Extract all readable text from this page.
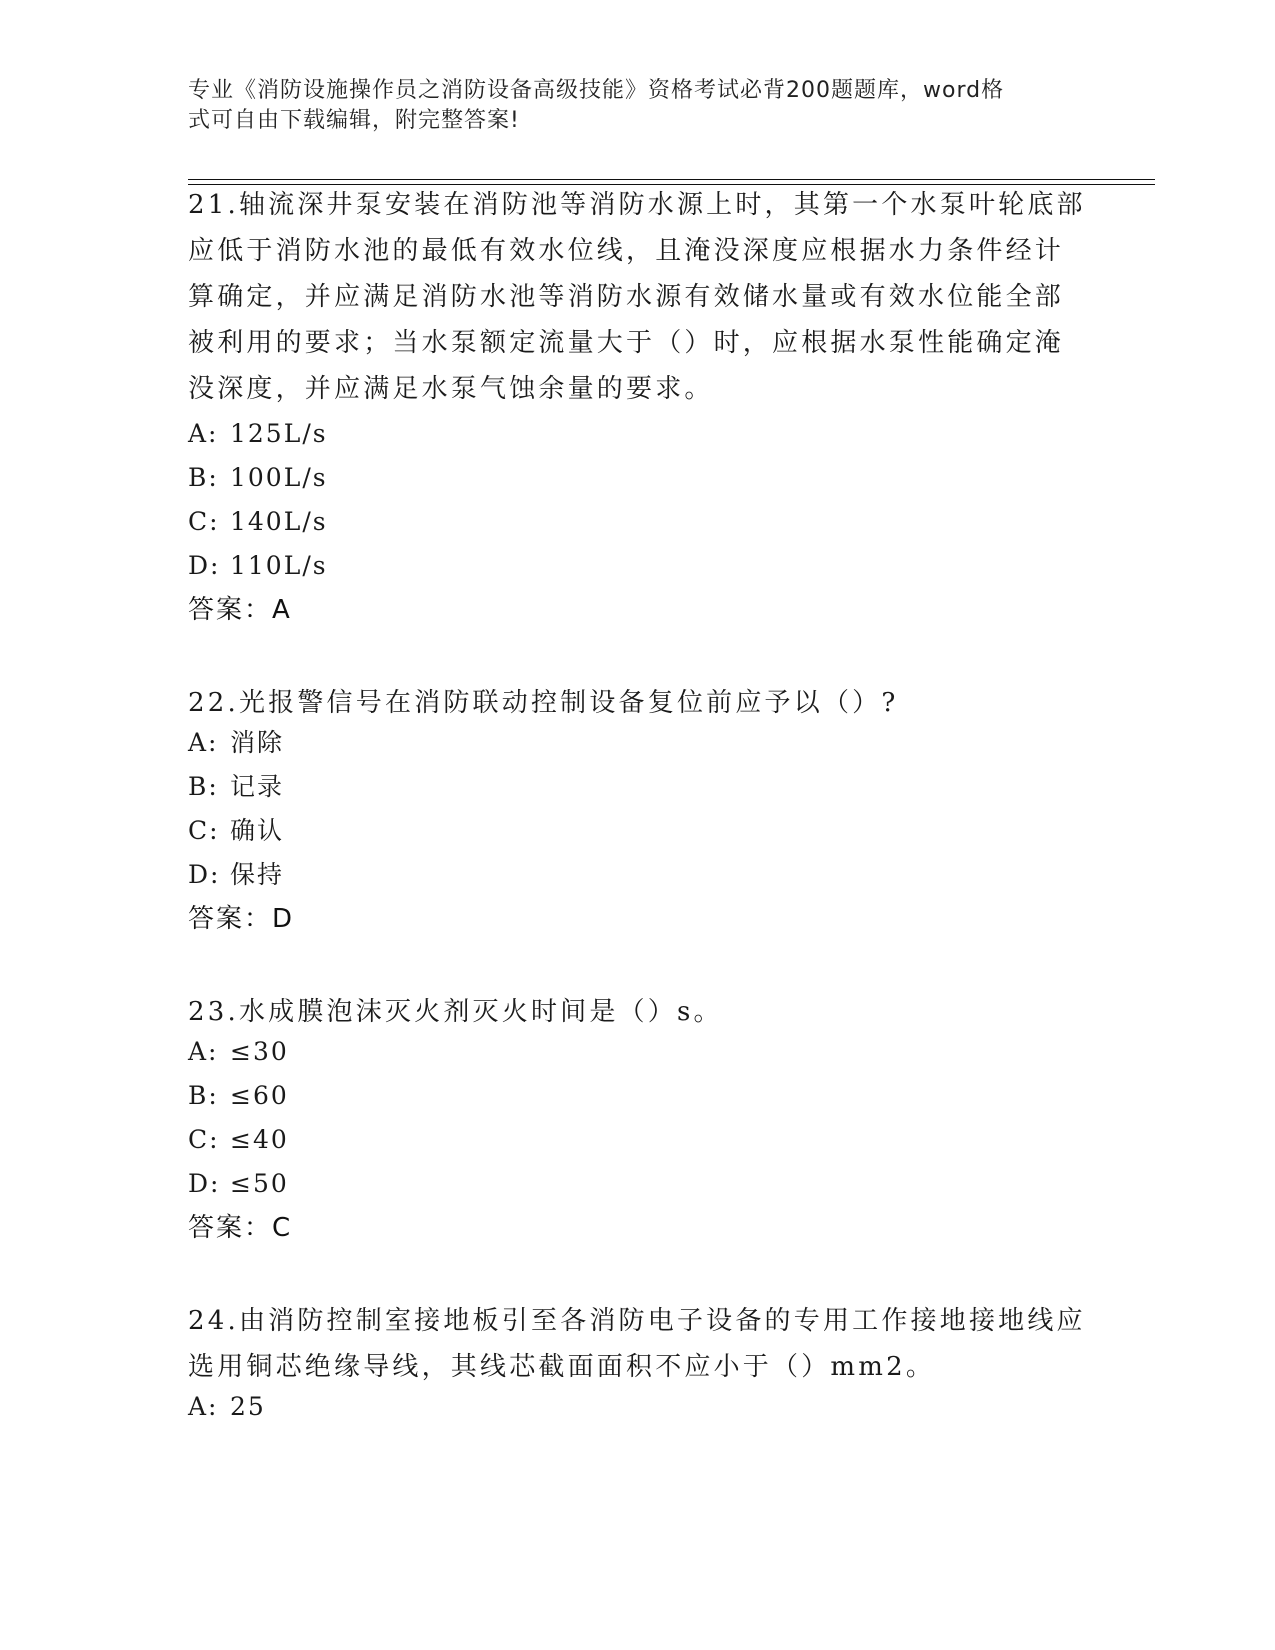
专业《消防设施操作员之消防设备高级技能》资格考试必背200题题库，word格
式可自由下载编辑，附完整答案!
21.轴流深井泵安装在消防池等消防水源上时，其第一个水泵叶轮底部
应低于消防水池的最低有效水位线，且淹没深度应根据水力条件经计
算确定，并应满足消防水池等消防水源有效储水量或有效水位能全部
被利用的要求；当水泵额定流量大于（）时，应根据水泵性能确定淹
没深度，并应满足水泵气蚀余量的要求。
A: 125L/s
B: 100L/s
C: 140L/s
D: 110L/s
答案：A
22.光报警信号在消防联动控制设备复位前应予以（）?
A: 消除
B: 记录
C: 确认
D: 保持
答案：D
23.水成膜泡沫灭火剂灭火时间是（）s。
A: ≤30
B: ≤60
C: ≤40
D: ≤50
答案：C
24.由消防控制室接地板引至各消防电子设备的专用工作接地接地线应
选用铜芯绝缘导线，其线芯截面面积不应小于（）mm2。
A: 25
